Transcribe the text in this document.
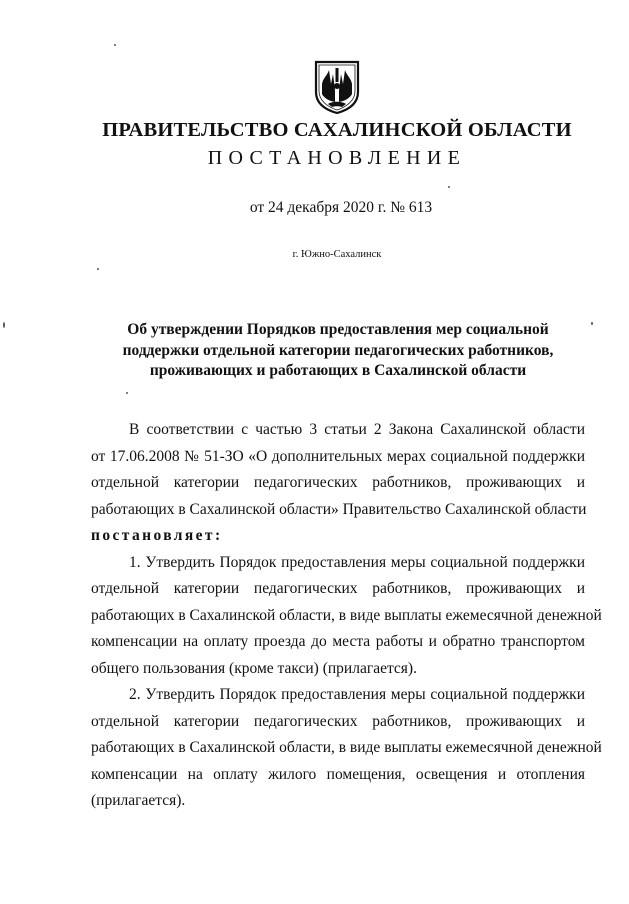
ПРАВИТЕЛЬСТВО САХАЛИНСКОЙ ОБЛАСТИ
ПОСТАНОВЛЕНИЕ
от 24 декабря 2020 г. № 613
г. Южно-Сахалинск
Об утверждении Порядков предоставления мер социальной
поддержки отдельной категории педагогических работников,
проживающих и работающих в Сахалинской области
В соответствии с частью 3 статьи 2 Закона Сахалинской области
от 17.06.2008 № 51-ЗО «О дополнительных мерах социальной поддержки
отдельной категории педагогических работников, проживающих и
работающих в Сахалинской области» Правительство Сахалинской области
постановляет:
1. Утвердить Порядок предоставления меры социальной поддержки
отдельной категории педагогических работников, проживающих и
работающих в Сахалинской области, в виде выплаты ежемесячной денежной
компенсации на оплату проезда до места работы и обратно транспортом
общего пользования (кроме такси) (прилагается).
2. Утвердить Порядок предоставления меры социальной поддержки
отдельной категории педагогических работников, проживающих и
работающих в Сахалинской области, в виде выплаты ежемесячной денежной
компенсации на оплату жилого помещения, освещения и отопления
(прилагается).
